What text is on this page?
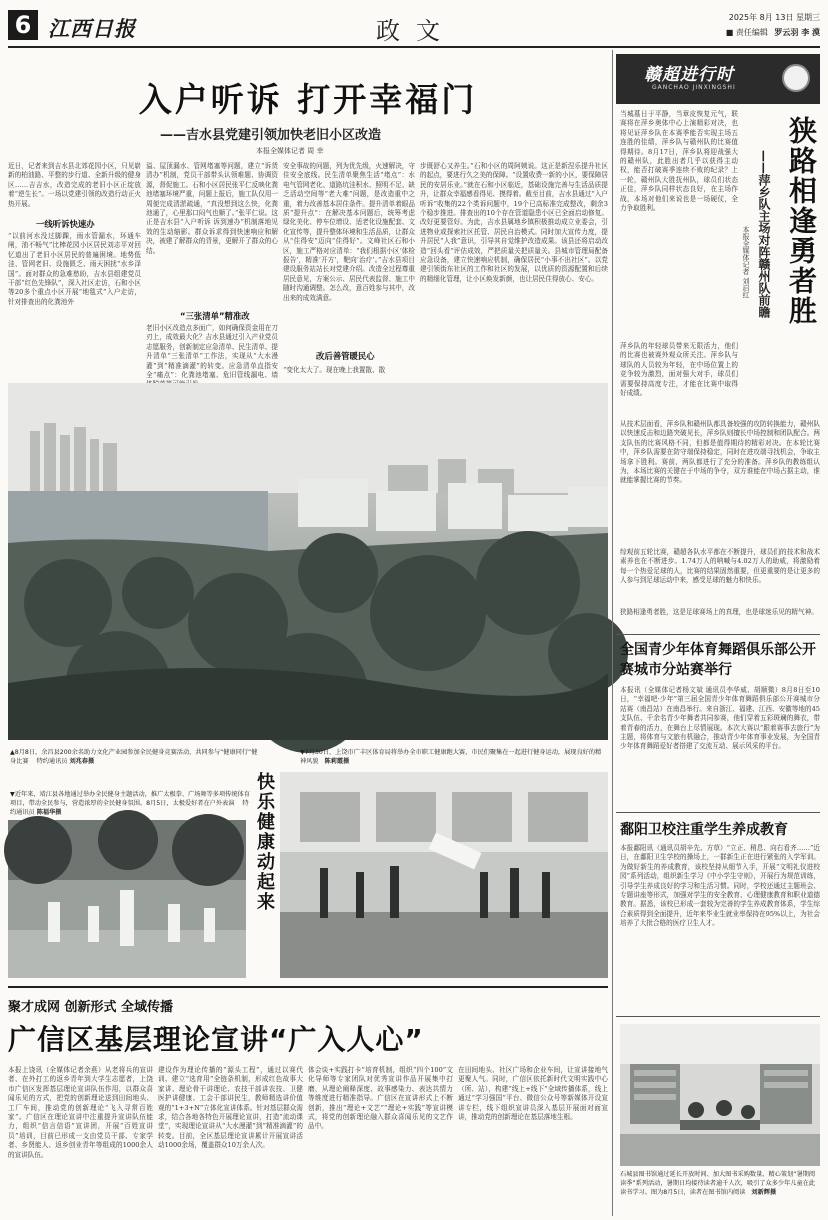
6 江西日报	政文	2025年 8月 13日 星期三
■ 责任编辑 罗云羽 李 漠
入户听诉 打开幸福门
——吉水县党建引领加快老旧小区改造
本报全媒体记者 周 幸
近日，记者来到吉水县北郊花园小区，只见崭新的柏油路、平整的步行道、全新升级的健身区……吉吉水，改造完成的老旧小区正绽放着“逆生长”。一场以党建引领的改造行动正火热开展。
一线听诉快速办
“以前河水没过脚踝，雨水管漏水，环通车闸，油不畅气”比棒花园小区居民刘志平对回忆道出了老旧小区居民的普遍困境。地势低洼、管网老旧、设施匮乏、雨天困扰“水乡泽国”。面对群众的急难愁盼，吉水县组建党员干部“红色先锋队”，深入社区走访，石和小区等20多个重点小区开展“地毯式”入户走访，针对排查出的化粪池外
溢、屋顶漏水、管网堵塞等问题，建立“诉货清办”机制，党员干部带头认领难题、协调资源，督促施工。石和小区居民张平仁反映化粪池堵塞环境严重，问题上报后，施工队仅用一周便完成清淤疏通，“真没想到这么快，化粪池通了，心里那口闷气也顺了。”张平仁说。这正是吉水县“入户听诉 诉到速办”机制落地见效的生动缩影。群众诉求得到快速响应和解决，被建了解群众的背景，更解开了群众的心结。
“三张清单”精准改
老旧小区改造点多面广，如何确保资金用在刀刃上，成效最大化？吉水县通过引入产业党员志愿服务，创新制定应急清单、民生清单、提升清单“三张清单”工作法，实现从“大水漫灌”到“精准滴灌”的转变。应急清单直指安全“痛点”：化粪池堵塞、危旧管线漏电、墙
安全事故的问题，列为优先级，火速解决，守住安全底线。民生清单聚焦生活“堵点”：水电气管网老化、道路坑洼积水、照明不足、缺乏活动空间等“老大难”问题，是改造重中之重，着力改善基本居住条件。提升清单着眼品质“提升点”：在解决基本问题后，统筹考虑绿化美化、停车位增设、适老化设施配套、文化宣传等，提升整体环境和生活品质，让群众从“住得安”迈向“住得好”。文峰社区石和小区，施工严格对应清单：“我们根据小区‘体检报告’，精准‘开方’，靶向‘治疗’。”吉水县项目建设服务站站长对党建介绍。改造全过程尊重居民意见，方案公示、居民代表监督、施工中随时沟通调整。怎么改，意百姓参与其中，改出来的成效满意。
改后善管暖民心
“变化太大了。现在晚上我置散、散
步既舒心又养生。”石和小区的周阿姨说。这正是新涅乐提升社区的起点，要进行久之美的保障。“设置收费一新的小区，要保障居民的安居乐业。”就在石和小区临近，基础设施完善与生活品质提升，让群众幸福感看得见、摸得着。截至目前，吉水县通过“入户听诉”收集的22个类诉问题中，19个已高标准完成整改，剩余3个稳步推进。排查出的10个存在管道隐患小区已全面启动修复。改好更要管好。为此，吉水县属地乡镇积极推动成立业委会，引进物业或探索社区托管、居民自治模式。同时加大宣传力度，提升居民“人我”意识，引导其自觉维护改造成果。该县还将启动改造“回头看”评估成效，严把质量关把质量关。县城市管理局配备应急设备，建立快速响应机制，确保居民“小事不出社区”。以党建引领街东社区的工作和社区的发展，以优质的资源配置和后续的精细化管理，让小区焕发新颜，也让居民住得放心、安心。
▲8月8日，余昌县200余名助力文化产业园参加全民健身竞赛活动，共同参与“健康同行”健身比赛 特约通讯员 刘兆春摄
▼7月30日，上饶市广丰区体育局将举办全市职工健康跑大赛，市民们聚集在一起进行健身运动，展现良好的精神风貌 陈莉霞摄
▼近年来，靖江县各地通过举办全民健身主题活动，推广太极拳、广场舞等多项传统体育项目，带动全民参与，营造浓厚的全民健身氛围。8月5日，太极爱好者在户外表演 特约通讯员 陈福华摄	快乐健康动起来
赣超进行时
GANCHAO JINXINGSHI
当城墓日于平静，当章皮恢复元气，联赛将在萍乡奥体中心上演精彩对决，也将见证萍乡队在本赛季能否实现主场五连胜的佳绩，萍乡队与赣州队的比赛值得期待。8月17日，萍乡队将迎战强大的赣州队，此胜出者几乎以获得主动权，能否打破赛季连续不败的纪录？上一轮，赣州队大胜抚州队，球员们状态正佳，萍乡队同样状态良好，在主场作战，本场对他们来说也是一场硬仗，全力争取胜利。
萍乡队的年轻球员带来无限活力，他们的比赛也被赛外观众所关注。萍乡队与球队的人员较为年轻，在中场位置上的竞争较为激烈，面对强大对手，球员们需要保持高度专注，才能在比赛中取得好成绩。
狭路相逢勇者胜
——萍乡队主场对阵赣州队前瞻
本报全媒体记者 刘启红
从技术层面看，萍乡队和赣州队都具备较强的攻防转换能力，赣州队以快速反击和边路突破见长，萍乡队则擅长中场控制和团队配合。两支队伍的比赛风格不同，但都是值得期待的精彩对决。在本轮比赛中，萍乡队需要在防守端保持稳定，同时在进攻端寻找机会，争取主场拿下胜利。赛前，两队都进行了充分的准备。萍乡队的教练组认为，本场比赛的关键在于中场的争夺，双方谁能在中场占据主动，谁就能掌握比赛的节奏。
综观前五轮比赛，赣超各队水平都在不断提升，球员们的技术和战术素养也在不断进步。1.74万人的呐喊与4.02万人的助威，将激励着每一个热爱足球的人，比赛的结果固然重要，但更重要的是让更多的人参与到足球运动中来，感受足球的魅力和快乐。
狭路相逢勇者胜，这是足球赛场上的真理，也是球迷乐见的精气神。
全国青少年体育舞蹈俱乐部公开赛城市分站赛举行
本报讯（全媒体记者杨文斌 通讯员李华威、胡顺微）8月8日至10日，“幸福吧·少年”第三届全国青少年体育舞蹈俱乐部公开赛城市分站赛（南昌站）在南昌举行。来自浙江、福建、江西、安徽等地的45支队伍、千余名青少年舞者共同参赛，他们穿着五彩斑斓的舞衣，带着青春的活力，在舞台上尽情展现。本次大赛以“跟着赛事去旅行”为主题，将体育与文旅有机融合，推动青少年体育事业发展，为全国青少年体育舞蹈爱好者搭建了交流互动、展示风采的平台。
鄱阳卫校注重学生养成教育
本报鄱阳讯（通讯员胡辛先、方草）“立正、稍息、向右看齐……”近日，在鄱阳卫生学校的操场上，一群新生正在进行紧张的入学军训。为做好新生的养成教育，该校坚持从细节入手，开展“文明礼仪进校园”系列活动，组织新生学习《中小学生守则》，开展行为规范训练，引导学生养成良好的学习和生活习惯。同时，学校还通过主题班会、专题讲座等形式，加强对学生的安全教育、心理健康教育和职业道德教育。据悉，该校已形成一套较为完善的学生养成教育体系，学生综合素质得到全面提升，近年来毕业生就业率保持在95%以上，为社会培养了大批合格的医疗卫生人才。
石城县图书馆通过延长开放时间、加大图书采购数量、精心策划“暑期阅读季”系列活动，暑期日均接待读者逾千人次，吸引了众多少年儿童在此读书学习。图为8月5日，读者在图书馆内阅读 刘新辉摄
聚才成网 创新形式 全域传播
广信区基层理论宣讲“广入人心”
本报上饶讯（全媒体记者余燕）从老将兵的宣讲者、在外打工的返乡青年到大学生志愿者，上饶市广信区发挥基层理论宣讲队伍作用，以群众喜闻乐见的方式，把党的创新理论送到田间地头、工厂车间，推动党的创新理论“飞入寻常百姓家”。广信区在理论宣讲中注重提升宣讲队伍能力，组织“信言信语”宣讲团，开展“百姓宣讲员”培训，目前已形成一支由党员干部、专家学者、乡贤能人、返乡创业青年等组成的1000余人的宣讲队伍。
建设作为理论传播的“源头工程”，通过以赛代训、建立“选育用”全链条机制，形成红色故事大家讲、理论骨干讲理论、农技干部讲农技、卫健医护讲健康、工会干部讲民生，教师精选讲价值观的“1+3+N”立体化宣讲体系。针对基层群众需求，结合各地各特色开展理论宣讲，打造“流动课堂”，实现理论宣讲从“大水漫灌”到“精准滴灌”的转变。目前，全区基层理论宣讲累计开展宣讲活动1000余场，覆盖群众10万余人次。
体会谈+实践打卡”培育机制，组织“四个100”文化导师等专家团队对优秀宣讲作品开展集中打磨，从理论阐释深度、故事感染力、表达共情力等维度进行精准指导。广信区在宣讲形式上不断创新，推出“理论+文艺”“理论+实践”等宣讲模式，将党的创新理论融入群众喜闻乐见的文艺作品中。
在田间地头、社区广场和企业车间，让宣讲接地气更聚人气。同时，广信区依托新时代文明实践中心（所、站），构建“线上+线下”全域传播体系，线上通过“学习强国”平台、微信公众号等新媒体开设宣讲专栏，线下组织宣讲员深入基层开展面对面宣讲，推动党的创新理论在基层落地生根。
